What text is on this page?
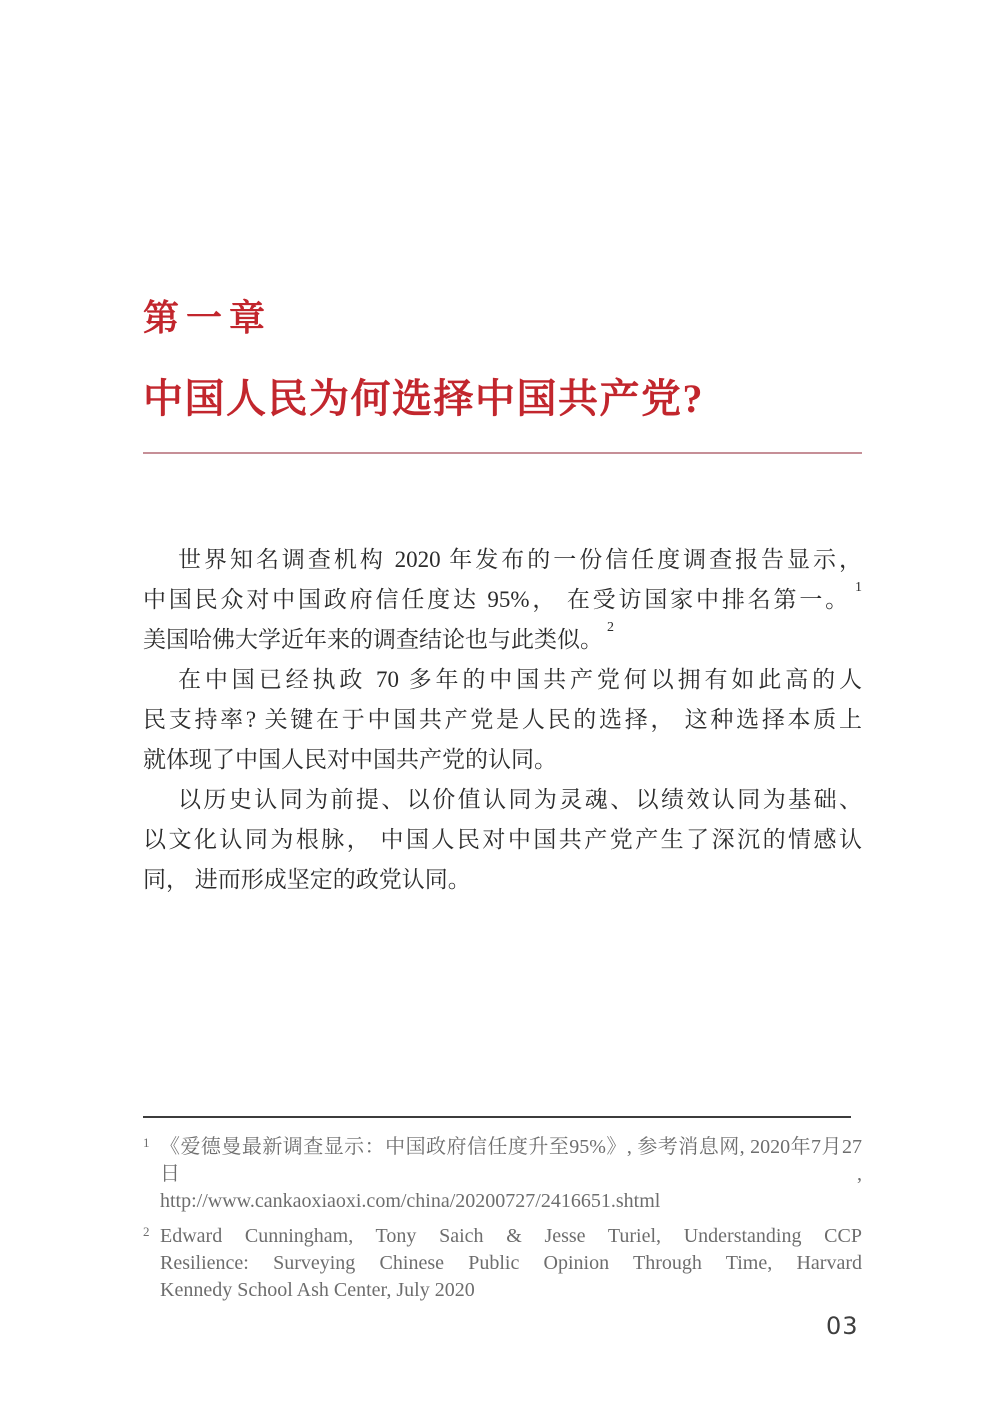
第一章
中国人民为何选择中国共产党?
世界知名调查机构 2020 年发布的一份信任度调查报告显示，
中国民众对中国政府信任度达 95%， 在受访国家中排名第一。 $^1$
美国哈佛大学近年来的调查结论也与此类似。 $^2$
在中国已经执政 70 多年的中国共产党何以拥有如此高的人
民支持率? 关键在于中国共产党是人民的选择， 这种选择本质上
就体现了中国人民对中国共产党的认同。
以历史认同为前提、以价值认同为灵魂、以绩效认同为基础、
以文化认同为根脉， 中国人民对中国共产党产生了深沉的情感认
同， 进而形成坚定的政党认同。
1 《爱德曼最新调查显示：中国政府信任度升至95%》, 参考消息网, 2020年7月27日,
http://www.cankaoxiaoxi.com/china/20200727/2416651.shtml
2 Edward Cunningham, Tony Saich & Jesse Turiel, Understanding CCP
Resilience: Surveying Chinese Public Opinion Through Time, Harvard
Kennedy School Ash Center, July 2020
03
